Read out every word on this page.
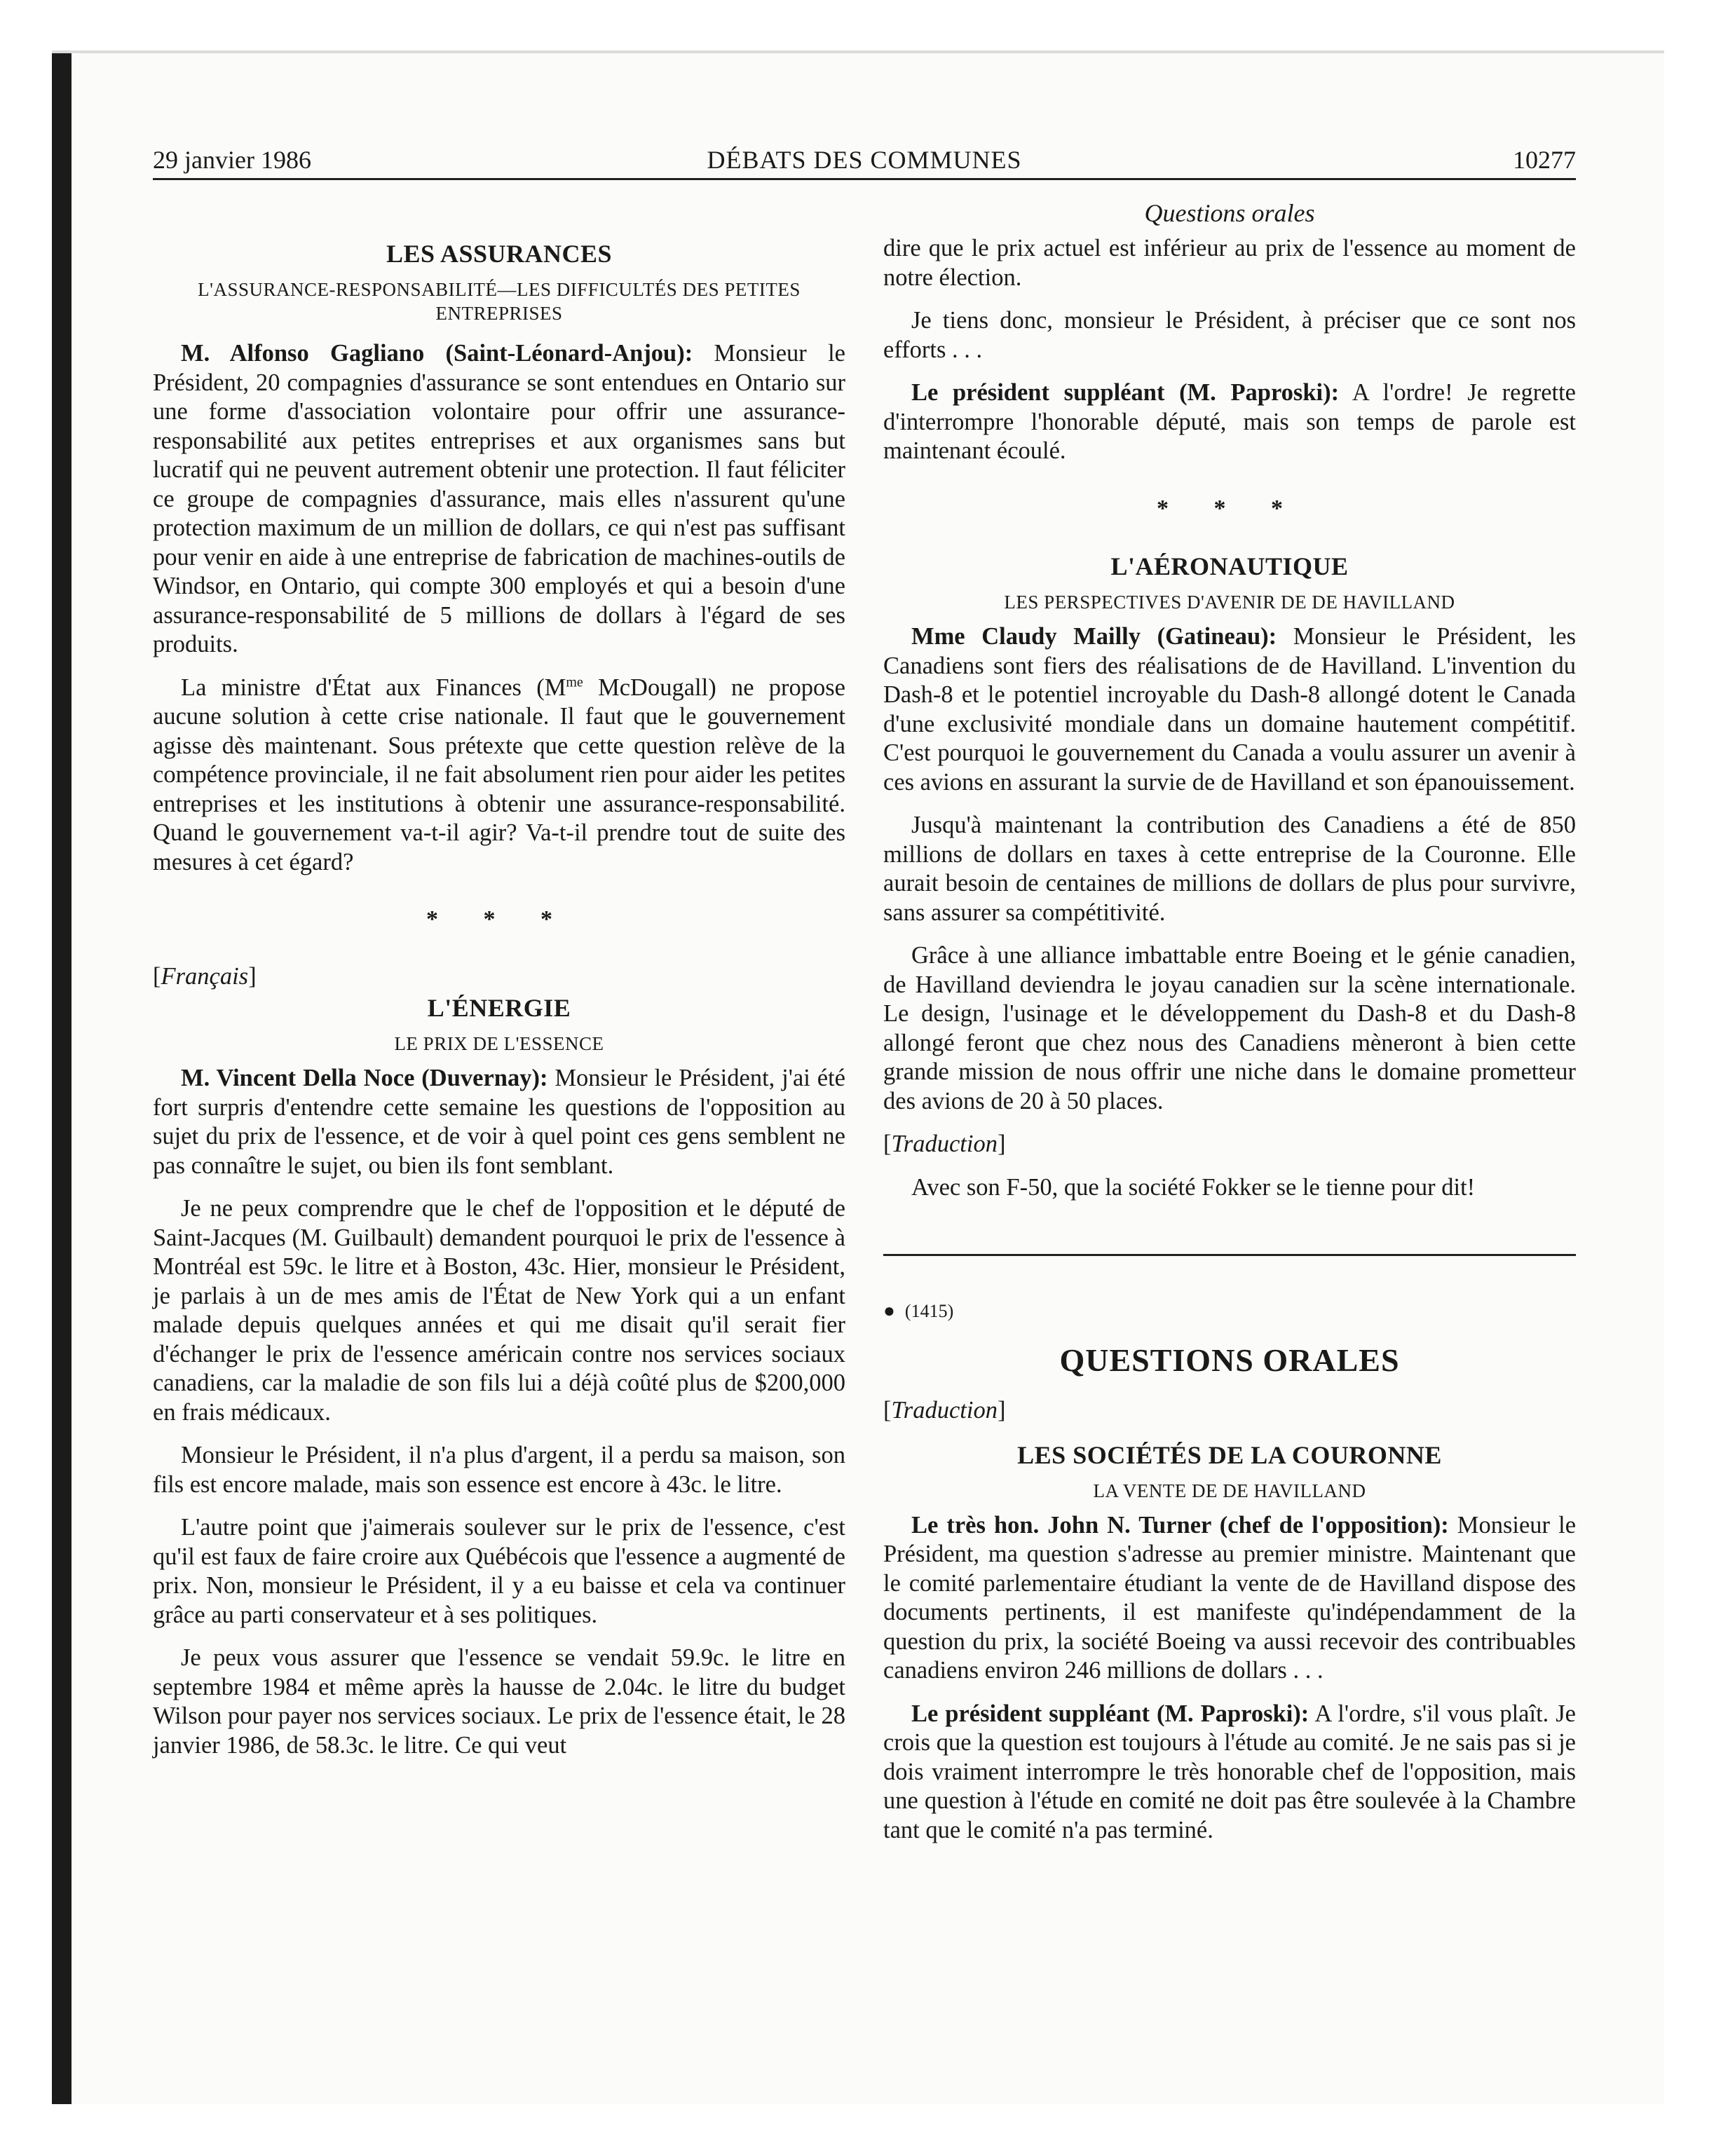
29 janvier 1986	DÉBATS DES COMMUNES	10277
LES ASSURANCES
L'ASSURANCE-RESPONSABILITÉ—LES DIFFICULTÉS DES PETITES ENTREPRISES

M. Alfonso Gagliano (Saint-Léonard-Anjou): Monsieur le Président, 20 compagnies d'assurance se sont entendues en Ontario sur une forme d'association volontaire pour offrir une assurance-responsabilité aux petites entreprises et aux organismes sans but lucratif qui ne peuvent autrement obtenir une protection. Il faut féliciter ce groupe de compagnies d'assurance, mais elles n'assurent qu'une protection maximum de un million de dollars, ce qui n'est pas suffisant pour venir en aide à une entreprise de fabrication de machines-outils de Windsor, en Ontario, qui compte 300 employés et qui a besoin d'une assurance-responsabilité de 5 millions de dollars à l'égard de ses produits.

La ministre d'État aux Finances ($M^{me}$ McDougall) ne propose aucune solution à cette crise nationale. Il faut que le gouvernement agisse dès maintenant. Sous prétexte que cette question relève de la compétence provinciale, il ne fait absolument rien pour aider les petites entreprises et les institutions à obtenir une assurance-responsabilité. Quand le gouvernement va-t-il agir? Va-t-il prendre tout de suite des mesures à cet égard?

* * *
[Français]
L'ÉNERGIE
LE PRIX DE L'ESSENCE

M. Vincent Della Noce (Duvernay): Monsieur le Président, j'ai été fort surpris d'entendre cette semaine les questions de l'opposition au sujet du prix de l'essence, et de voir à quel point ces gens semblent ne pas connaître le sujet, ou bien ils font semblant.

Je ne peux comprendre que le chef de l'opposition et le député de Saint-Jacques (M. Guilbault) demandent pourquoi le prix de l'essence à Montréal est 59c. le litre et à Boston, 43c. Hier, monsieur le Président, je parlais à un de mes amis de l'État de New York qui a un enfant malade depuis quelques années et qui me disait qu'il serait fier d'échanger le prix de l'essence américain contre nos services sociaux canadiens, car la maladie de son fils lui a déjà coûté plus de $200,000 en frais médicaux.

Monsieur le Président, il n'a plus d'argent, il a perdu sa maison, son fils est encore malade, mais son essence est encore à 43c. le litre.

L'autre point que j'aimerais soulever sur le prix de l'essence, c'est qu'il est faux de faire croire aux Québécois que l'essence a augmenté de prix. Non, monsieur le Président, il y a eu baisse et cela va continuer grâce au parti conservateur et à ses politiques.

Je peux vous assurer que l'essence se vendait 59.9c. le litre en septembre 1984 et même après la hausse de 2.04c. le litre du budget Wilson pour payer nos services sociaux. Le prix de l'essence était, le 28 janvier 1986, de 58.3c. le litre. Ce qui veut

Questions orales

dire que le prix actuel est inférieur au prix de l'essence au moment de notre élection.

Je tiens donc, monsieur le Président, à préciser que ce sont nos efforts . . .

Le président suppléant (M. Paproski): A l'ordre! Je regrette d'interrompre l'honorable député, mais son temps de parole est maintenant écoulé.

* * *
L'AÉRONAUTIQUE
LES PERSPECTIVES D'AVENIR DE DE HAVILLAND

Mme Claudy Mailly (Gatineau): Monsieur le Président, les Canadiens sont fiers des réalisations de de Havilland. L'invention du Dash-8 et le potentiel incroyable du Dash-8 allongé dotent le Canada d'une exclusivité mondiale dans un domaine hautement compétitif. C'est pourquoi le gouvernement du Canada a voulu assurer un avenir à ces avions en assurant la survie de de Havilland et son épanouissement.

Jusqu'à maintenant la contribution des Canadiens a été de 850 millions de dollars en taxes à cette entreprise de la Couronne. Elle aurait besoin de centaines de millions de dollars de plus pour survivre, sans assurer sa compétitivité.

Grâce à une alliance imbattable entre Boeing et le génie canadien, de Havilland deviendra le joyau canadien sur la scène internationale. Le design, l'usinage et le développement du Dash-8 et du Dash-8 allongé feront que chez nous des Canadiens mèneront à bien cette grande mission de nous offrir une niche dans le domaine prometteur des avions de 20 à 50 places.

[Traduction]

Avec son F-50, que la société Fokker se le tienne pour dit!

● (1415)
QUESTIONS ORALES
[Traduction]
LES SOCIÉTÉS DE LA COURONNE
LA VENTE DE DE HAVILLAND

Le très hon. John N. Turner (chef de l'opposition): Monsieur le Président, ma question s'adresse au premier ministre. Maintenant que le comité parlementaire étudiant la vente de de Havilland dispose des documents pertinents, il est manifeste qu'indépendamment de la question du prix, la société Boeing va aussi recevoir des contribuables canadiens environ 246 millions de dollars . . .

Le président suppléant (M. Paproski): A l'ordre, s'il vous plaît. Je crois que la question est toujours à l'étude au comité. Je ne sais pas si je dois vraiment interrompre le très honorable chef de l'opposition, mais une question à l'étude en comité ne doit pas être soulevée à la Chambre tant que le comité n'a pas terminé.
